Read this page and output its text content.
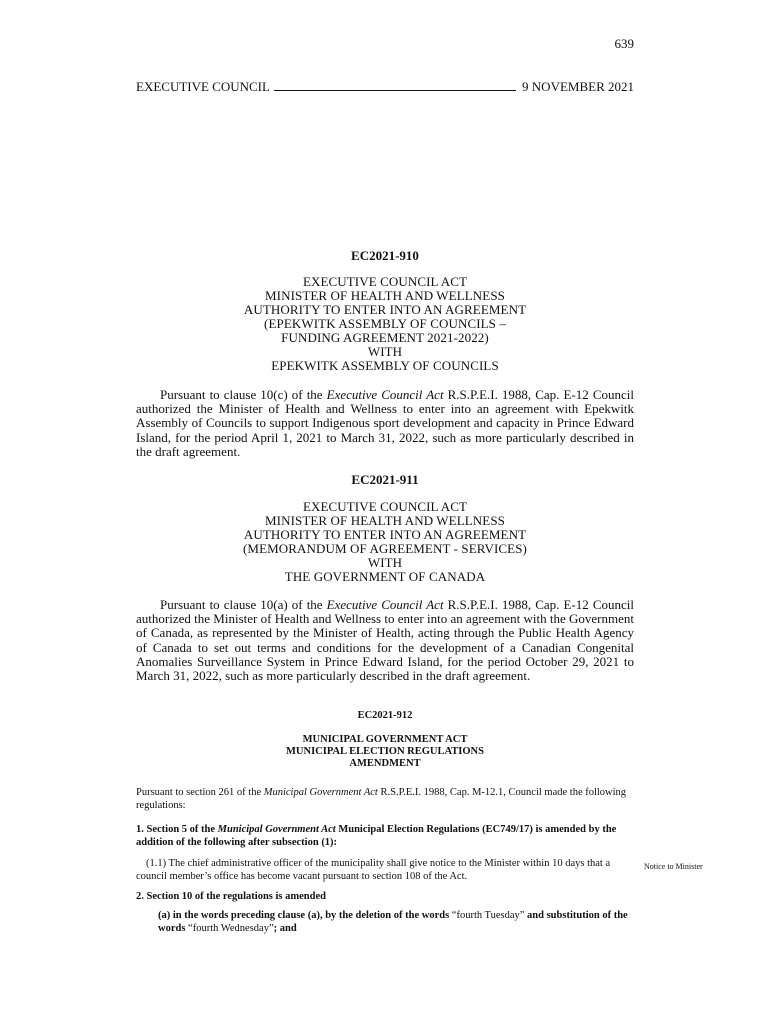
639
EXECUTIVE COUNCIL	9 NOVEMBER 2021
EC2021-910
EXECUTIVE COUNCIL ACT
MINISTER OF HEALTH AND WELLNESS
AUTHORITY TO ENTER INTO AN AGREEMENT
(EPEKWITK ASSEMBLY OF COUNCILS –
FUNDING AGREEMENT 2021-2022)
WITH
EPEKWITK ASSEMBLY OF COUNCILS
Pursuant to clause 10(c) of the Executive Council Act R.S.P.E.I. 1988, Cap. E-12 Council authorized the Minister of Health and Wellness to enter into an agreement with Epekwitk Assembly of Councils to support Indigenous sport development and capacity in Prince Edward Island, for the period April 1, 2021 to March 31, 2022, such as more particularly described in the draft agreement.
EC2021-911
EXECUTIVE COUNCIL ACT
MINISTER OF HEALTH AND WELLNESS
AUTHORITY TO ENTER INTO AN AGREEMENT
(MEMORANDUM OF AGREEMENT - SERVICES)
WITH
THE GOVERNMENT OF CANADA
Pursuant to clause 10(a) of the Executive Council Act R.S.P.E.I. 1988, Cap. E-12 Council authorized the Minister of Health and Wellness to enter into an agreement with the Government of Canada, as represented by the Minister of Health, acting through the Public Health Agency of Canada to set out terms and conditions for the development of a Canadian Congenital Anomalies Surveillance System in Prince Edward Island, for the period October 29, 2021 to March 31, 2022, such as more particularly described in the draft agreement.
EC2021-912
MUNICIPAL GOVERNMENT ACT
MUNICIPAL ELECTION REGULATIONS
AMENDMENT
Pursuant to section 261 of the Municipal Government Act R.S.P.E.I. 1988, Cap. M-12.1, Council made the following regulations:
1. Section 5 of the Municipal Government Act Municipal Election Regulations (EC749/17) is amended by the addition of the following after subsection (1):
(1.1) The chief administrative officer of the municipality shall give notice to the Minister within 10 days that a council member’s office has become vacant pursuant to section 108 of the Act.
Notice to Minister
2. Section 10 of the regulations is amended
(a) in the words preceding clause (a), by the deletion of the words “fourth Tuesday” and substitution of the words “fourth Wednesday”; and
